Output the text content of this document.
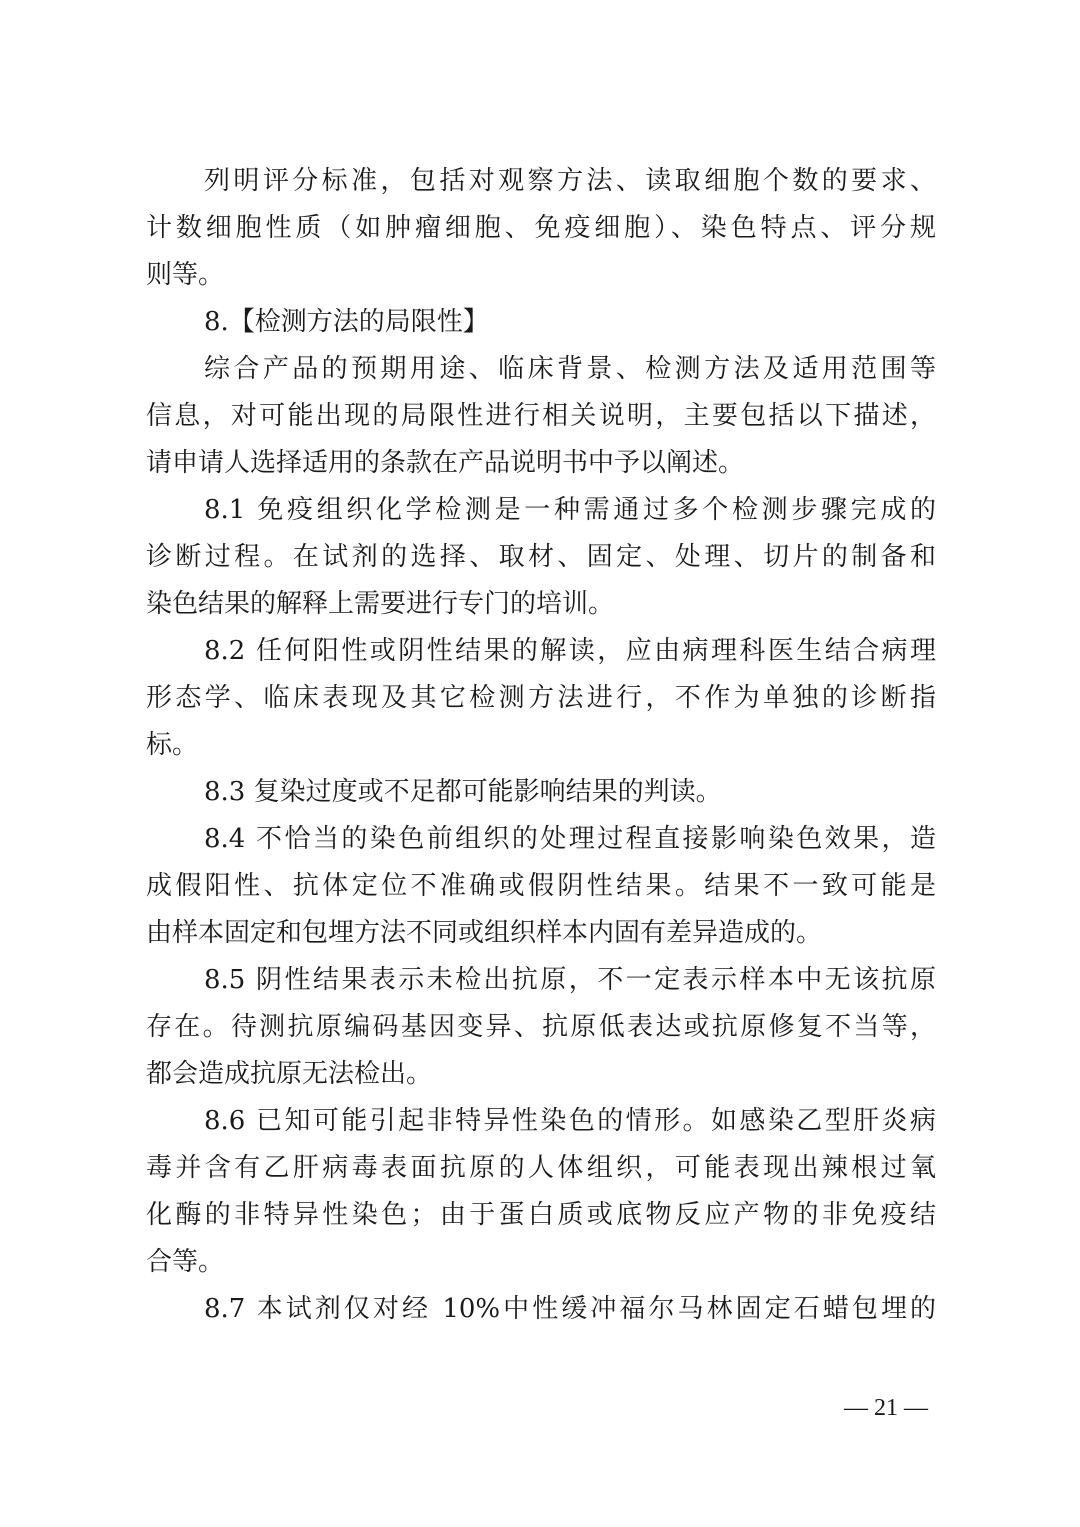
列明评分标准，包括对观察方法、读取细胞个数的要求、
计数细胞性质（如肿瘤细胞、免疫细胞）、染色特点、评分规
则等。
8.【检测方法的局限性】
综合产品的预期用途、临床背景、检测方法及适用范围等
信息，对可能出现的局限性进行相关说明，主要包括以下描述，
请申请人选择适用的条款在产品说明书中予以阐述。
8.1 免疫组织化学检测是一种需通过多个检测步骤完成的
诊断过程。在试剂的选择、取材、固定、处理、切片的制备和
染色结果的解释上需要进行专门的培训。
8.2 任何阳性或阴性结果的解读，应由病理科医生结合病理
形态学、临床表现及其它检测方法进行，不作为单独的诊断指
标。
8.3 复染过度或不足都可能影响结果的判读。
8.4 不恰当的染色前组织的处理过程直接影响染色效果，造
成假阳性、抗体定位不准确或假阴性结果。结果不一致可能是
由样本固定和包埋方法不同或组织样本内固有差异造成的。
8.5 阴性结果表示未检出抗原，不一定表示样本中无该抗原
存在。待测抗原编码基因变异、抗原低表达或抗原修复不当等，
都会造成抗原无法检出。
8.6 已知可能引起非特异性染色的情形。如感染乙型肝炎病
毒并含有乙肝病毒表面抗原的人体组织，可能表现出辣根过氧
化酶的非特异性染色；由于蛋白质或底物反应产物的非免疫结
合等。
8.7 本试剂仅对经 10%中性缓冲福尔马林固定石蜡包埋的
— 21 —
